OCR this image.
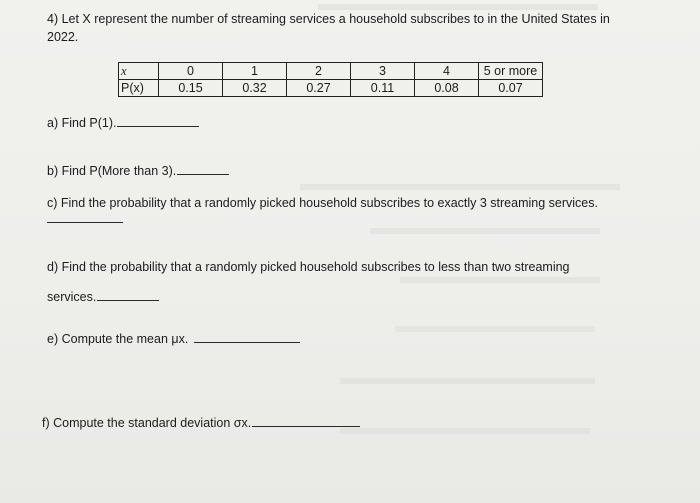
4) Let X represent the number of streaming services a household subscribes to in the United States in
2022.
x	0	1	2	3	4	5 or more
P(x)	0.15	0.32	0.27	0.11	0.08	0.07
a) Find P(1).
b) Find P(More than 3).
c) Find the probability that a randomly picked household subscribes to exactly 3 streaming services.
d) Find the probability that a randomly picked household subscribes to less than two streaming
services.
e) Compute the mean μx.
f) Compute the standard deviation σx.
